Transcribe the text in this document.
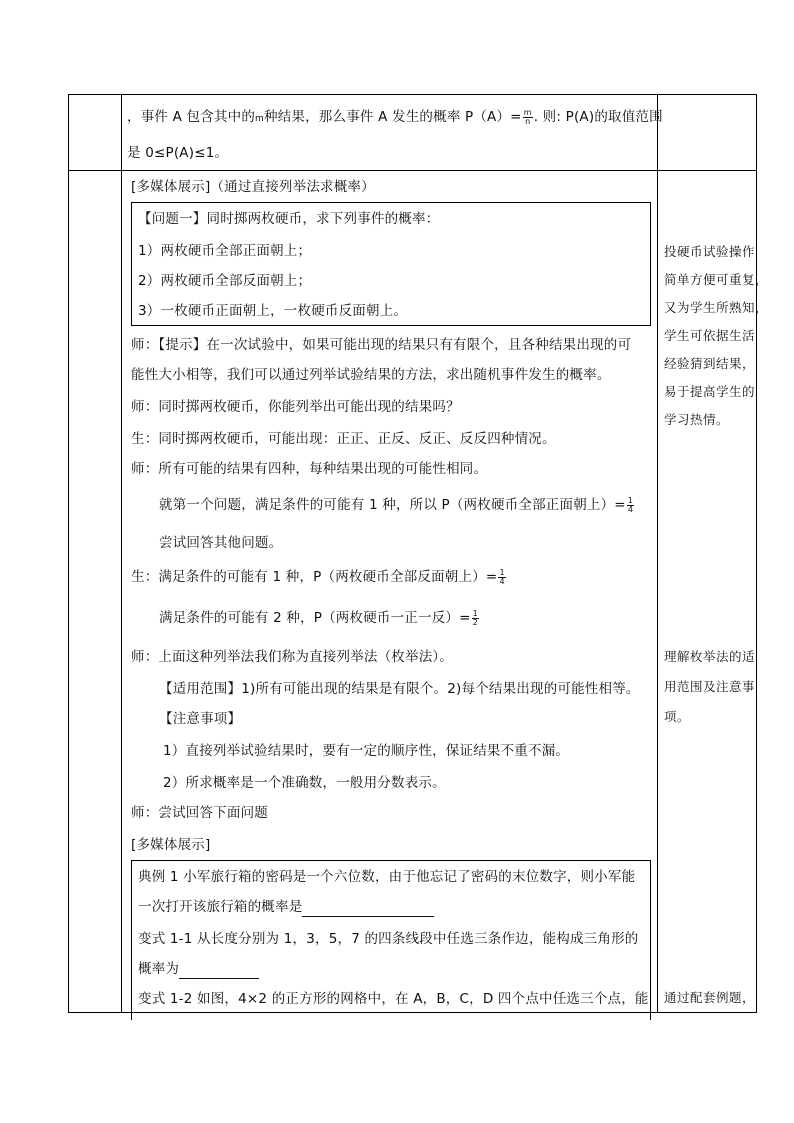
，事件 A 包含其中的m种结果，那么事件 A 发生的概率 $P(A)= \frac{m}{n}$ . 则: P(A)的取值范围
是 0≤P(A)≤1。
[多媒体展示]（通过直接列举法求概率）
【问题一】同时掷两枚硬币，求下列事件的概率：
1）两枚硬币全部正面朝上；
2）两枚硬币全部反面朝上；
3）一枚硬币正面朝上，一枚硬币反面朝上。
师：【提示】在一次试验中，如果可能出现的结果只有有限个，且各种结果出现的可
能性大小相等，我们可以通过列举试验结果的方法，求出随机事件发生的概率。
师：同时掷两枚硬币，你能列举出可能出现的结果吗？
生：同时掷两枚硬币，可能出现：正正、正反、反正、反反四种情况。
师：所有可能的结果有四种，每种结果出现的可能性相同。
就第一个问题，满足条件的可能有 1 种，所以 P（两枚硬币全部正面朝上）= $\frac{1}{4}$
尝试回答其他问题。
生：满足条件的可能有 1 种，P（两枚硬币全部反面朝上）= $\frac{1}{4}$
满足条件的可能有 2 种，P（两枚硬币一正一反）= $\frac{1}{2}$
师：上面这种列举法我们称为直接列举法（枚举法）。
【适用范围】1)所有可能出现的结果是有限个。2)每个结果出现的可能性相等。
【注意事项】
1）直接列举试验结果时，要有一定的顺序性，保证结果不重不漏。
2）所求概率是一个准确数，一般用分数表示。
师：尝试回答下面问题
[多媒体展示]
典例 1 小军旅行箱的密码是一个六位数，由于他忘记了密码的末位数字，则小军能
一次打开该旅行箱的概率是
变式 1-1 从长度分别为 1，3，5，7 的四条线段中任选三条作边，能构成三角形的
概率为
变式 1-2 如图，4×2 的正方形的网格中，在 A，B，C，D 四个点中任选三个点，能
投硬币试验操作
简单方便可重复，
又为学生所熟知，
学生可依据生活
经验猜到结果，
易于提高学生的
学习热情。
理解枚举法的适
用范围及注意事
项。
通过配套例题，
